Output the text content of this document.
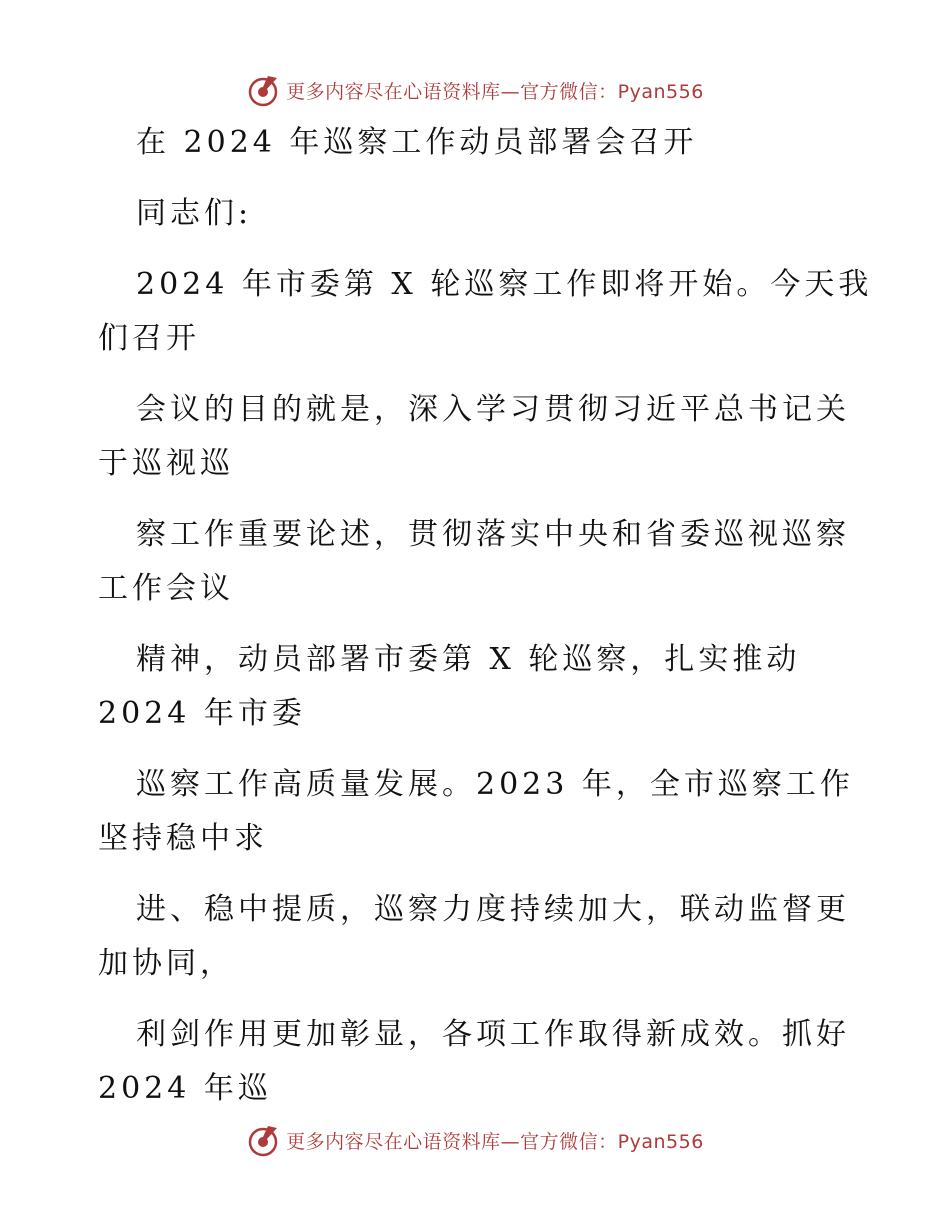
更多内容尽在心语资料库—官方微信：Pyan556

在 2024 年巡察工作动员部署会召开

同志们:

2024 年市委第 X 轮巡察工作即将开始。今天我

们召开

会议的目的就是，深入学习贯彻习近平总书记关

于巡视巡

察工作重要论述，贯彻落实中央和省委巡视巡察

工作会议

精神，动员部署市委第 X 轮巡察，扎实推动

2024 年市委

巡察工作高质量发展。2023 年，全市巡察工作

坚持稳中求

进、稳中提质，巡察力度持续加大，联动监督更

加协同，

利剑作用更加彰显，各项工作取得新成效。抓好

2024 年巡

更多内容尽在心语资料库—官方微信：Pyan556
